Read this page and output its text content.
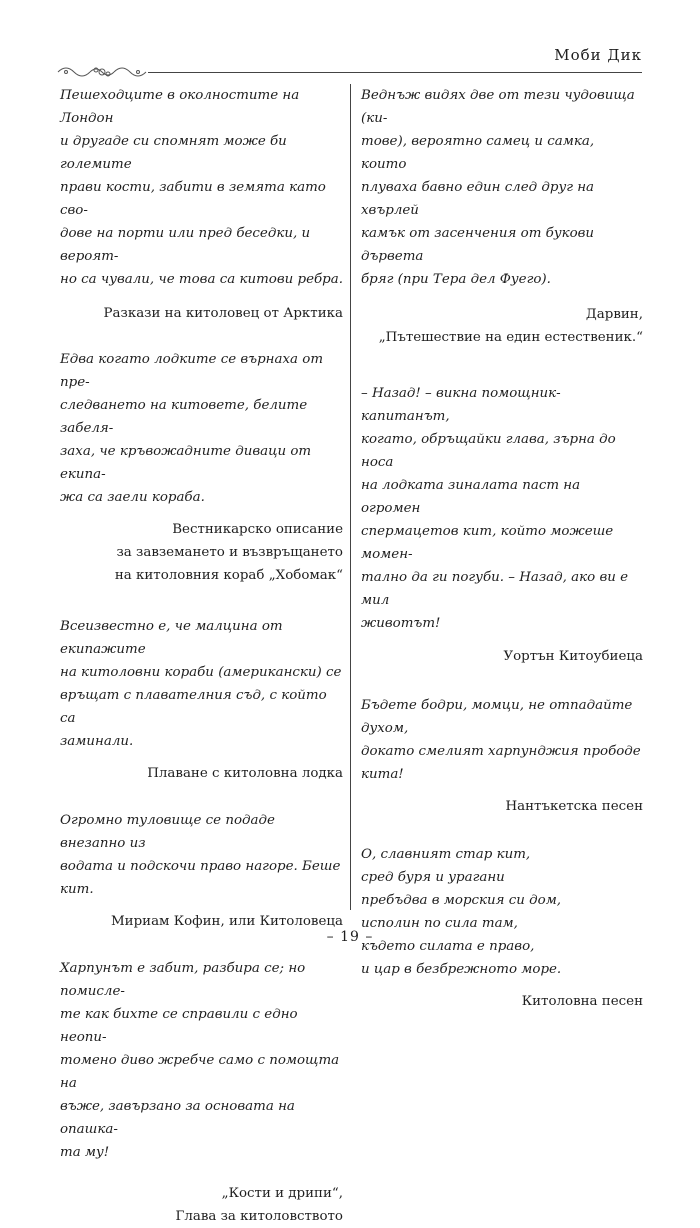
Моби Дик

Пешеходците в околностите на Лондон
и другаде си спомнят може би големите
прави кости, забити в земята като сво-
дове на порти или пред беседки, и вероят-
но са чували, че това са китови ребра.

Разкази на китоловец от Арктика

Едва когато лодките се върнаха от пре-
следването на китовете, белите забеля-
заха, че кръвожадните диваци от екипа-
жа са заели кораба.

Вестникарско описание
за завземането и възвръщането
на китоловния кораб „Хобомак“

Всеизвестно е, че малцина от екипажите
на китоловни кораби (американски) се
връщат с плавателния съд, с който са
заминали.

Плаване с китоловна лодка

Огромно туловище се подаде внезапно из
водата и подскочи право нагоре. Беше
кит.

Мириам Кофин, или Китоловеца

Харпунът е забит, разбира се; но помисле-
те как бихте се справили с едно неопи-
томено диво жребче само с помощта на
въже, завързано за основата на опашка-
та му!

„Кости и дрипи“,
Глава за китоловството

Веднъж видях две от тези чудовища (ки-
тове), вероятно самец и самка, които
плуваха бавно един след друг на хвърлей
камък от засенчения от букови дървета
бряг (при Тера дел Фуего).

Дарвин,
„Пътешествие на един естественик.“

– Назад! – викна помощник-капитанът,
когато, обръщайки глава, зърна до носа
на лодката зиналата паст на огромен
спермацетов кит, който можеше момен-
тално да ги погуби. – Назад, ако ви е мил
животът!

Уортън Китоубиеца

Бъдете бодри, момци, не отпадайте духом,
докато смелият харпунджия прободе кита!

Нантъкетска песен

О, славният стар кит,
сред буря и урагани
пребъдва в морския си дом,
исполин по сила там,
където силата е право,
и цар в безбрежното море.

Китоловна песен

– 19 –
